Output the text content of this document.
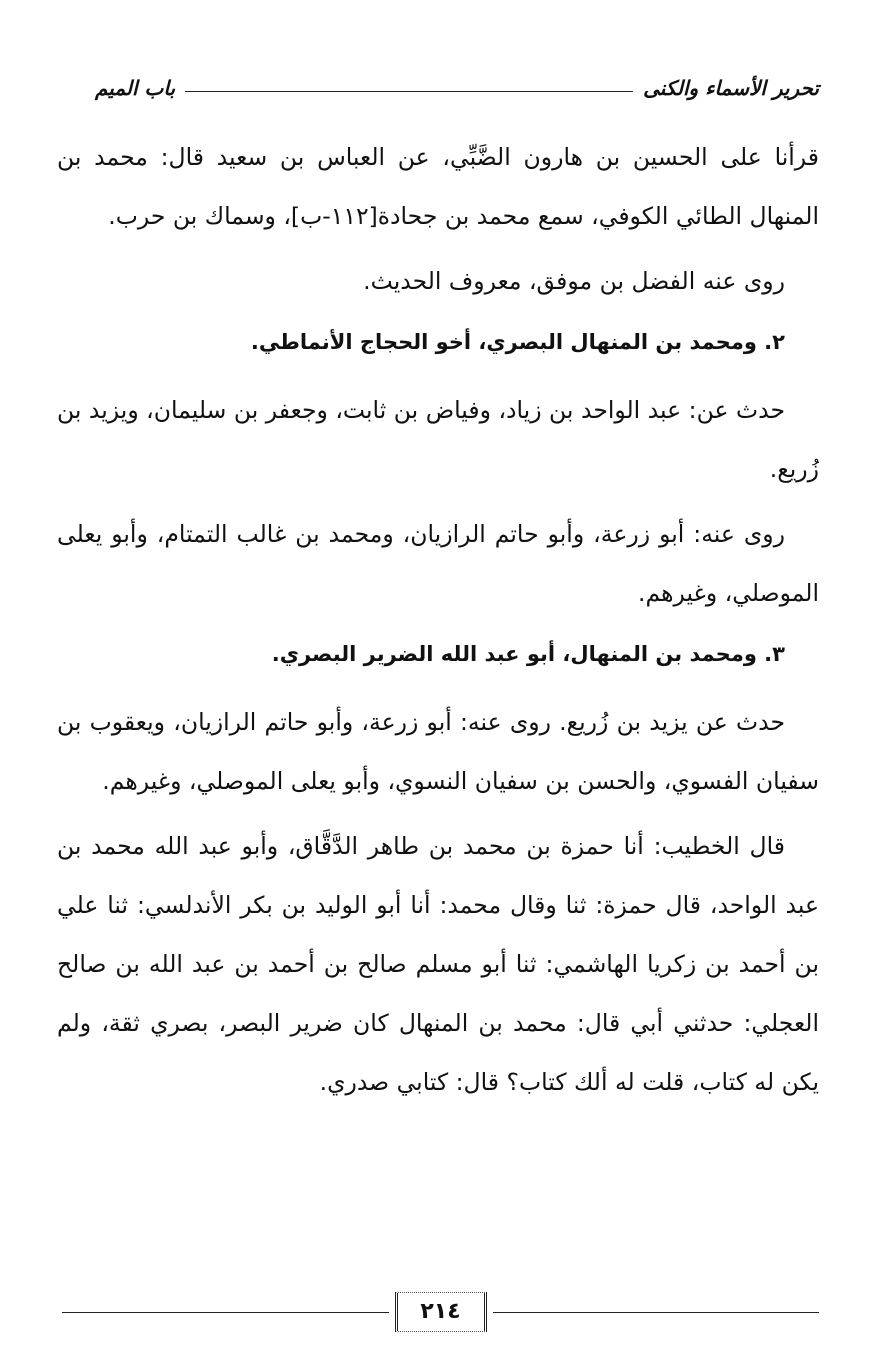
تحرير الأسماء والكنى
باب الميم

قرأنا على الحسين بن هارون الضَّبِّي، عن العباس بن سعيد قال: محمد بن المنهال الطائي الكوفي، سمع محمد بن جحادة[١١٢-ب]، وسماك بن حرب.

روى عنه الفضل بن موفق، معروف الحديث.

٢. ومحمد بن المنهال البصري، أخو الحجاج الأنماطي.

حدث عن: عبد الواحد بن زياد، وفياض بن ثابت، وجعفر بن سليمان، ويزيد بن زُريع.

روى عنه: أبو زرعة، وأبو حاتم الرازيان، ومحمد بن غالب التمتام، وأبو يعلى الموصلي، وغيرهم.

٣. ومحمد بن المنهال، أبو عبد الله الضرير البصري.

حدث عن يزيد بن زُريع. روى عنه: أبو زرعة، وأبو حاتم الرازيان، ويعقوب بن سفيان الفسوي، والحسن بن سفيان النسوي، وأبو يعلى الموصلي، وغيرهم.

قال الخطيب: أنا حمزة بن محمد بن طاهر الدَّقَّاق، وأبو عبد الله محمد بن عبد الواحد، قال حمزة: ثنا وقال محمد: أنا أبو الوليد بن بكر الأندلسي: ثنا علي بن أحمد بن زكريا الهاشمي: ثنا أبو مسلم صالح بن أحمد بن عبد الله بن صالح العجلي: حدثني أبي قال: محمد بن المنهال كان ضرير البصر، بصري ثقة، ولم يكن له كتاب، قلت له ألك كتاب؟ قال: كتابي صدري.

٢١٤
